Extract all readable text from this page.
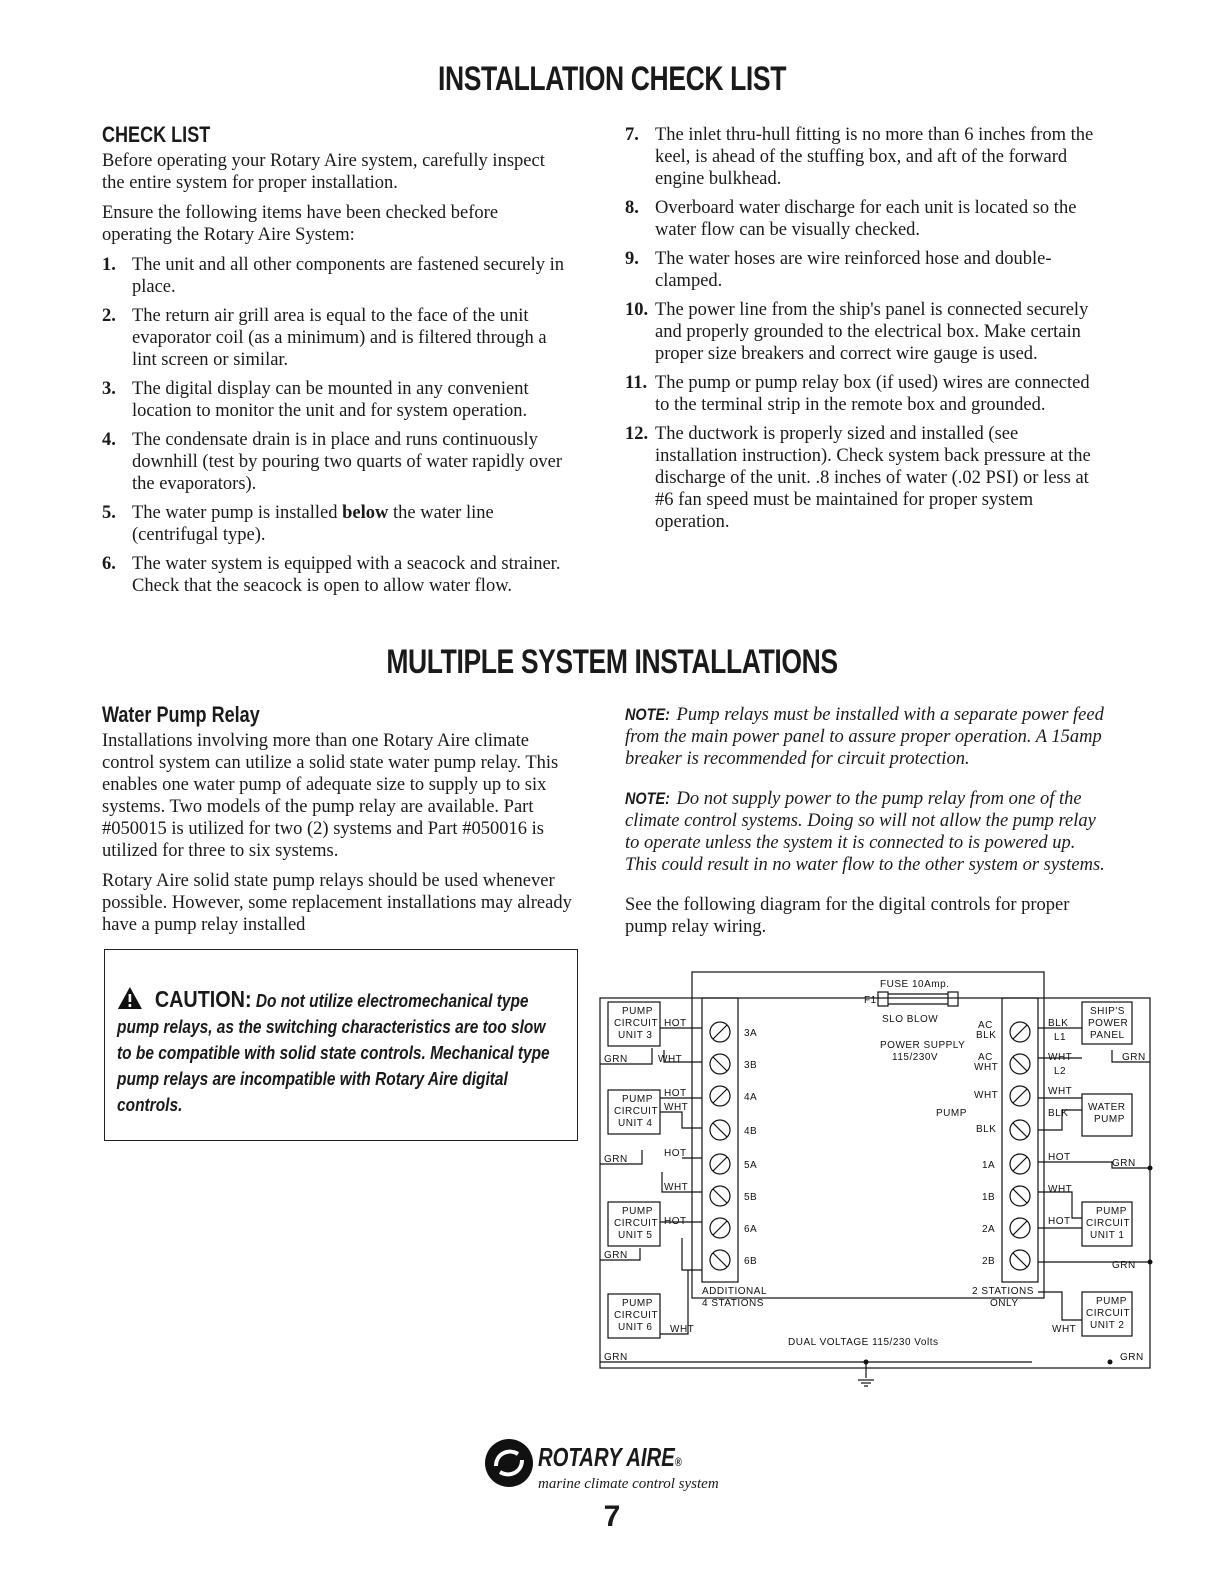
INSTALLATION CHECK LIST
CHECK LIST

Before operating your Rotary Aire system, carefully inspect the entire system for proper installation.

Ensure the following items have been checked before operating the Rotary Aire System:

1. The unit and all other components are fastened securely in place.
2. The return air grill area is equal to the face of the unit evaporator coil (as a minimum) and is filtered through a lint screen or similar.
3. The digital display can be mounted in any convenient location to monitor the unit and for system operation.
4. The condensate drain is in place and runs continuously downhill (test by pouring two quarts of water rapidly over the evaporators).
5. The water pump is installed below the water line (centrifugal type).
6. The water system is equipped with a seacock and strainer. Check that the seacock is open to allow water flow.
7. The inlet thru-hull fitting is no more than 6 inches from the keel, is ahead of the stuffing box, and aft of the forward engine bulkhead.
8. Overboard water discharge for each unit is located so the water flow can be visually checked.
9. The water hoses are wire reinforced hose and double-clamped.
10. The power line from the ship's panel is connected securely and properly grounded to the electrical box. Make certain proper size breakers and correct wire gauge is used.
11. The pump or pump relay box (if used) wires are connected to the terminal strip in the remote box and grounded.
12. The ductwork is properly sized and installed (see installation instruction). Check system back pressure at the discharge of the unit. .8 inches of water (.02 PSI) or less at #6 fan speed must be maintained for proper system operation.
MULTIPLE SYSTEM INSTALLATIONS
Water Pump Relay

Installations involving more than one Rotary Aire climate control system can utilize a solid state water pump relay. This enables one water pump of adequate size to supply up to six systems. Two models of the pump relay are available. Part #050015 is utilized for two (2) systems and Part #050016 is utilized for three to six systems.

Rotary Aire solid state pump relays should be used whenever possible. However, some replacement installations may already have a pump relay installed

NOTE: Pump relays must be installed with a separate power feed from the main power panel to assure proper operation. A 15amp breaker is recommended for circuit protection.

NOTE: Do not supply power to the pump relay from one of the climate control systems. Doing so will not allow the pump relay to operate unless the system it is connected to is powered up. This could result in no water flow to the other system or systems.

See the following diagram for the digital controls for proper pump relay wiring.

CAUTION: Do not utilize electromechanical type pump relays, as the switching characteristics are too slow to be compatible with solid state controls. Mechanical type pump relays are incompatible with Rotary Aire digital controls.
FUSE 10Amp.
F1
SLO BLOW
POWER SUPPLY
115/230V
PUMP
3A
3B
4A
4B
5A
5B
6A
6B
1A
1B
2A
2B
ADDITIONAL
4 STATIONS
2 STATIONS
ONLY
DUAL VOLTAGE 115/230 Volts
PUMP
CIRCUIT
UNIT 3
PUMP
CIRCUIT
UNIT 4
PUMP
CIRCUIT
UNIT 5
PUMP
CIRCUIT
UNIT 6
SHIP'S
POWER
PANEL
WATER
PUMP
PUMP
CIRCUIT
UNIT 1
PUMP
CIRCUIT
UNIT 2
HOT
GRN	WHT
HOT
WHT
GRN
HOT
WHT
HOT
GRN
WHT
GRN
AC
BLK
AC
WHT
WHT
BLK
BLK
L1
WHT
L2
GRN
WHT
BLK
HOT
GRN
WHT
HOT
GRN
WHT
GRN
ROTARY AIRE®
marine climate control system
7
